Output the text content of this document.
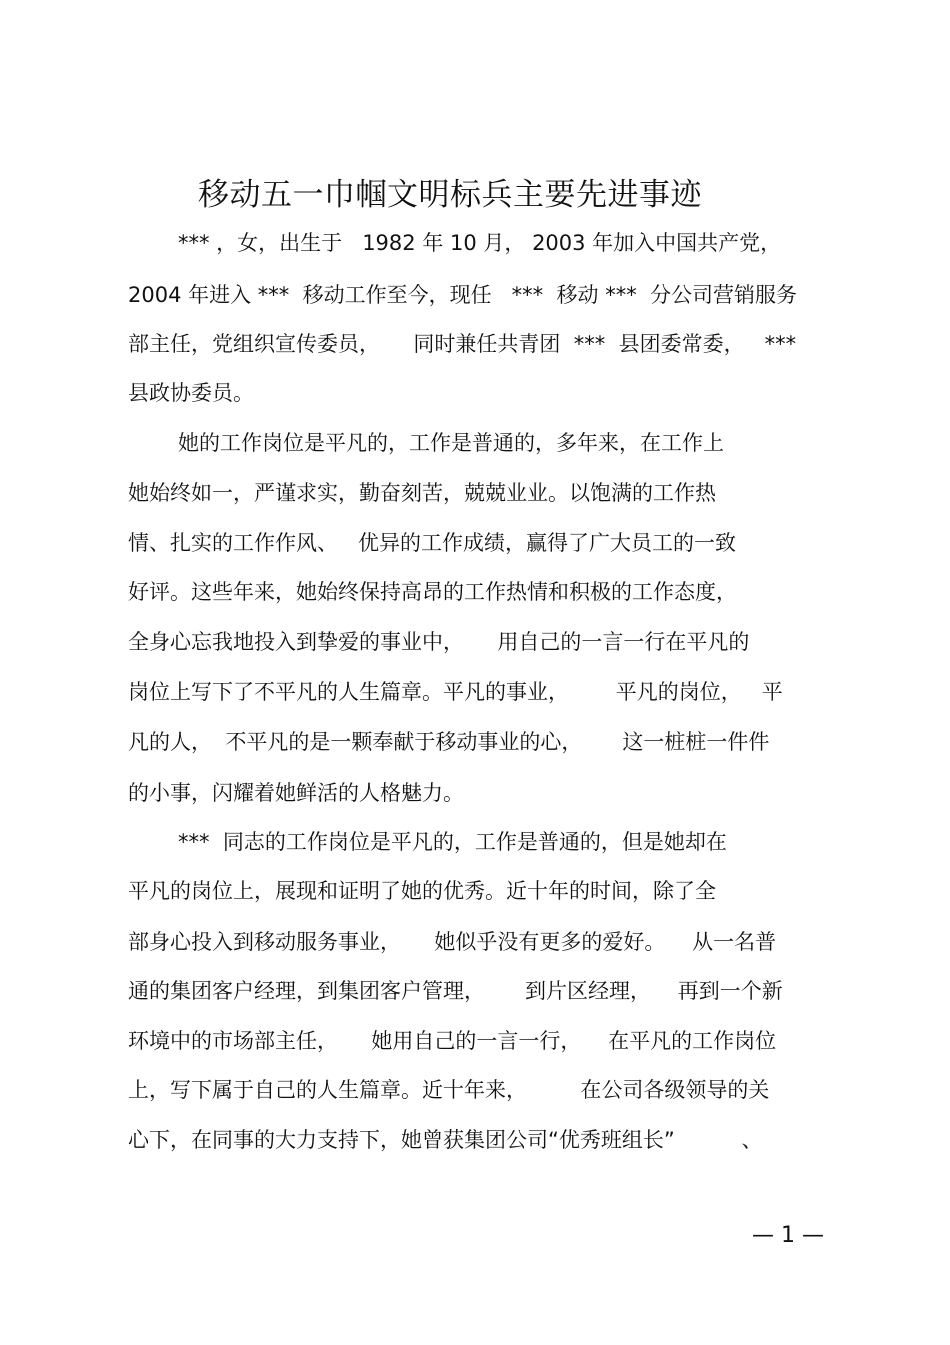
移动五一巾帼文明标兵主要先进事迹
*** ，女，出生于   1982 年 10 月， 2003 年加入中国共产党，
2004 年进入 ***  移动工作至今，现任   ***  移动 ***  分公司营销服务
部主任，党组织宣传委员，     同时兼任共青团  ***  县团委常委，   ***
县政协委员。
她的工作岗位是平凡的，工作是普通的，多年来，在工作上
她始终如一，严谨求实，勤奋刻苦，兢兢业业。以饱满的工作热
情、扎实的工作作风、   优异的工作成绩，赢得了广大员工的一致
好评。这些年来，她始终保持高昂的工作热情和积极的工作态度，
全身心忘我地投入到挚爱的事业中，     用自己的一言一行在平凡的
岗位上写下了不平凡的人生篇章。平凡的事业，       平凡的岗位，   平
凡的人，  不平凡的是一颗奉献于移动事业的心，      这一桩桩一件件
的小事，闪耀着她鲜活的人格魅力。
***  同志的工作岗位是平凡的，工作是普通的，但是她却在
平凡的岗位上，展现和证明了她的优秀。近十年的时间，除了全
部身心投入到移动服务事业，     她似乎没有更多的爱好。    从一名普
通的集团客户经理，到集团客户管理，      到片区经理，    再到一个新
环境中的市场部主任，     她用自己的一言一行，    在平凡的工作岗位
上，写下属于自己的人生篇章。近十年来，        在公司各级领导的关
心下，在同事的大力支持下，她曾获集团公司“优秀班组长”          、
— 1 —
